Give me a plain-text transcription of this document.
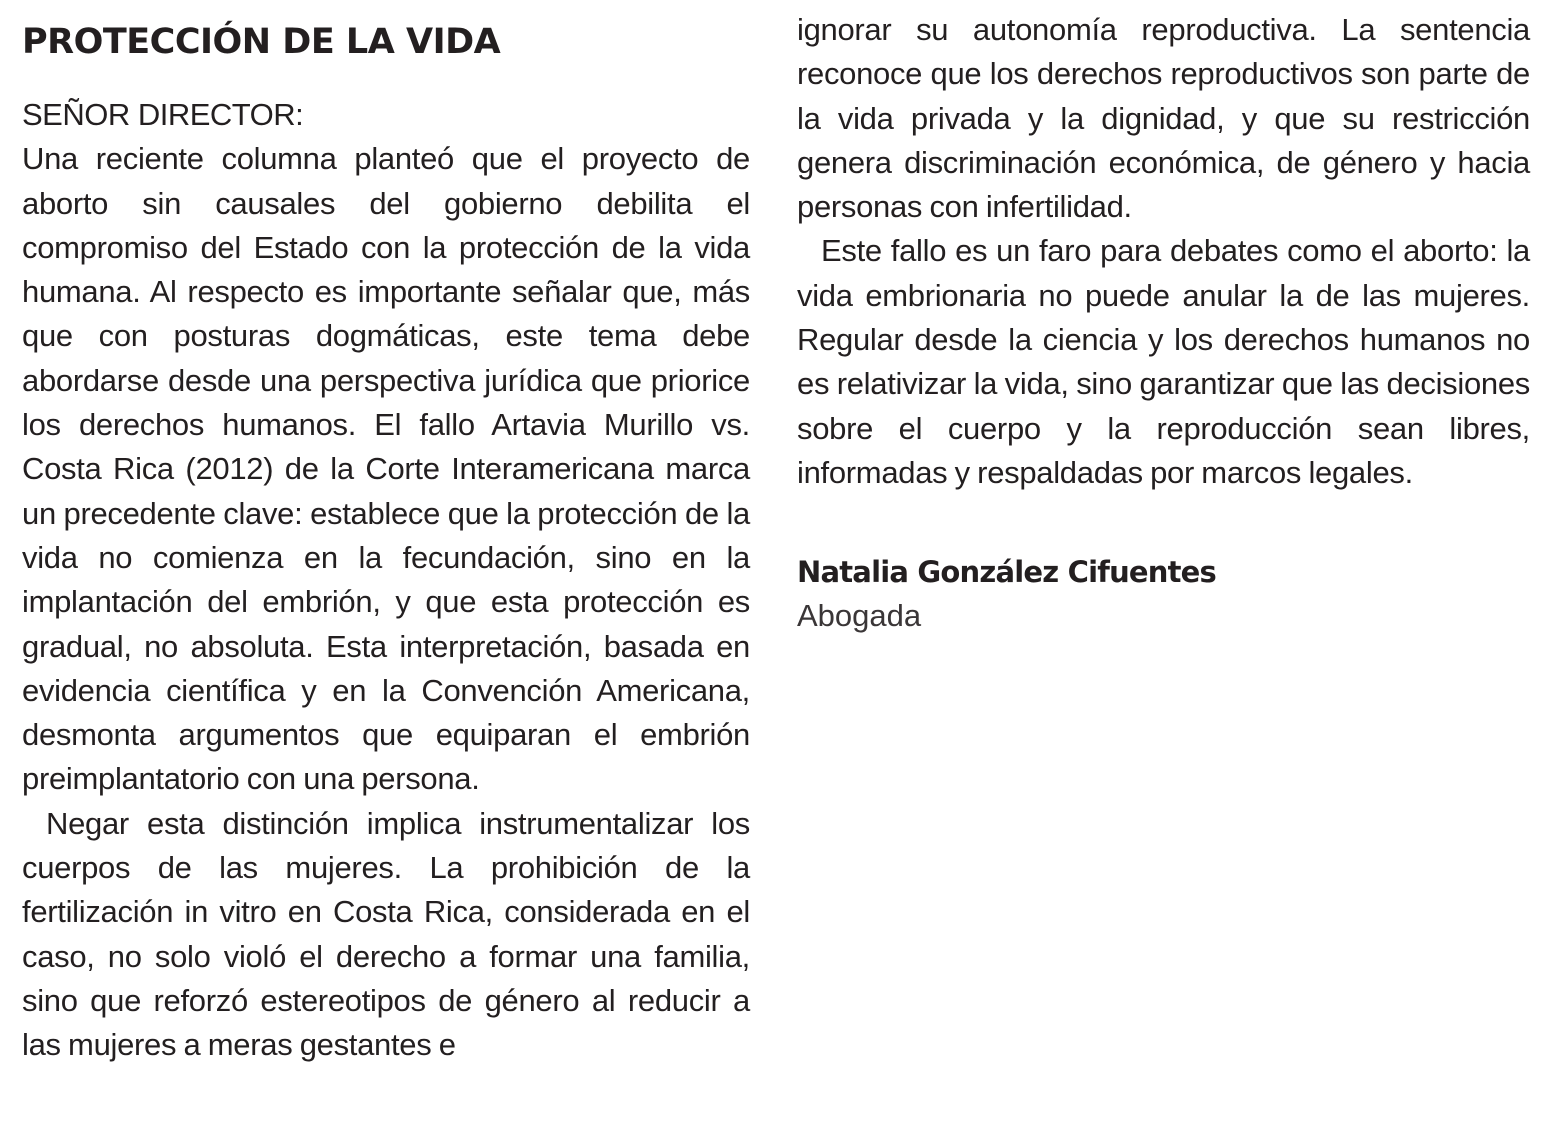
PROTECCIÓN DE LA VIDA

SEÑOR DIRECTOR:

Una reciente columna planteó que el proyecto de aborto sin causales del gobierno debilita el compromiso del Estado con la protección de la vida humana. Al respecto es importante señalar que, más que con posturas dogmáticas, este tema debe abordarse desde una perspectiva jurídica que priorice los derechos humanos. El fallo Artavia Murillo vs. Costa Rica (2012) de la Corte Interamericana marca un precedente clave: establece que la protección de la vida no comienza en la fecundación, sino en la implantación del embrión, y que esta protección es gradual, no absoluta. Esta interpretación, basada en evidencia científica y en la Convención Americana, desmonta argumentos que equiparan el embrión preimplantatorio con una persona.

Negar esta distinción implica instrumentalizar los cuerpos de las mujeres. La prohibición de la fertilización in vitro en Costa Rica, considerada en el caso, no solo violó el derecho a formar una familia, sino que reforzó estereotipos de género al reducir a las mujeres a meras gestantes e

ignorar su autonomía reproductiva. La sentencia reconoce que los derechos reproductivos son parte de la vida privada y la dignidad, y que su restricción genera discriminación económica, de género y hacia personas con infertilidad.

Este fallo es un faro para debates como el aborto: la vida embrionaria no puede anular la de las mujeres. Regular desde la ciencia y los derechos humanos no es relativizar la vida, sino garantizar que las decisiones sobre el cuerpo y la reproducción sean libres, informadas y respaldadas por marcos legales.

Natalia González Cifuentes

Abogada
